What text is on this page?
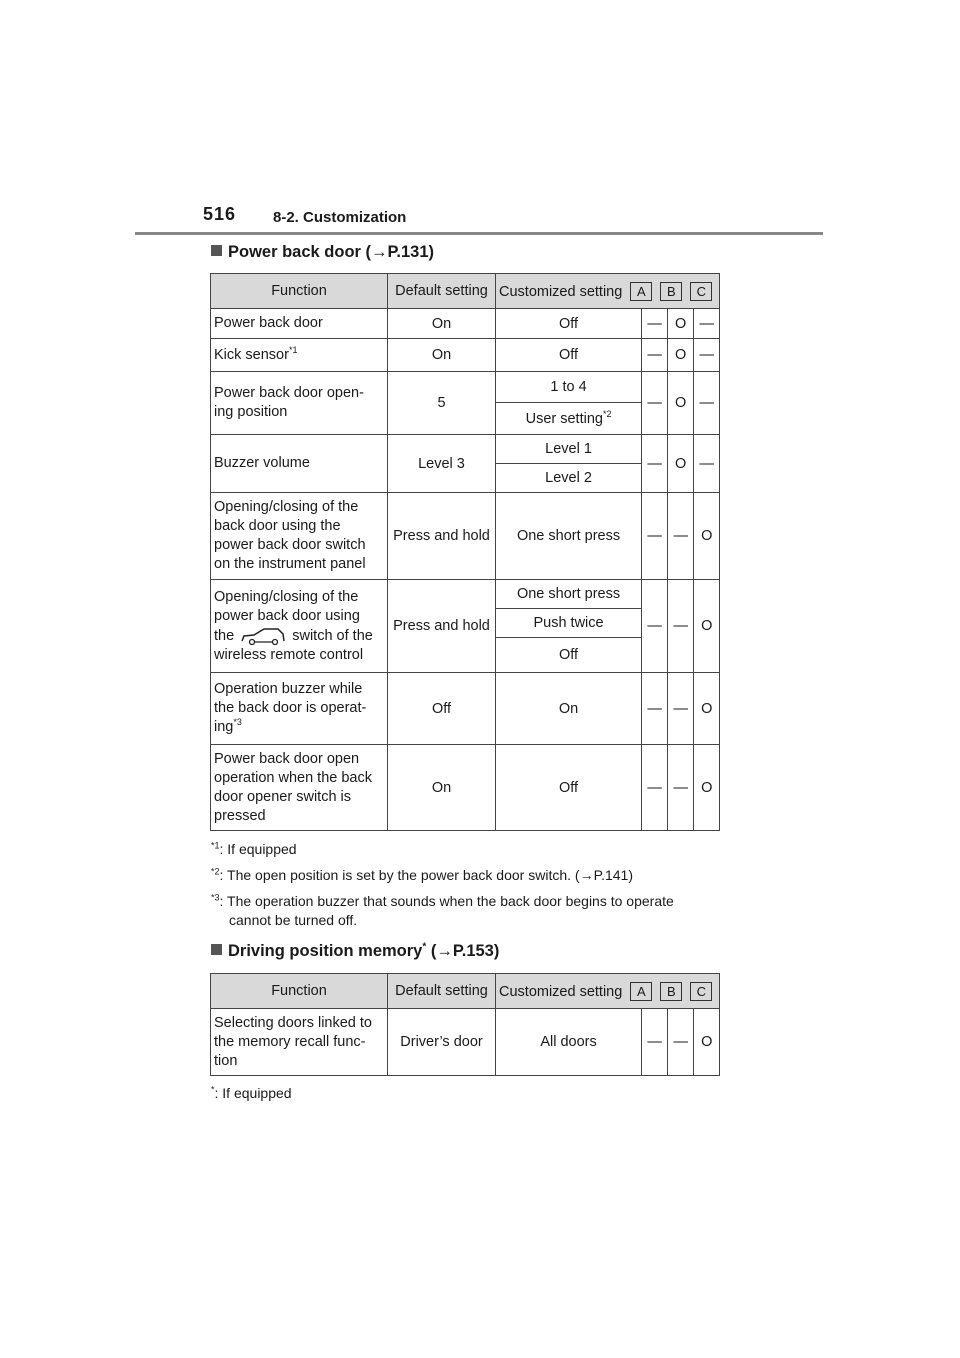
516 8-2. Customization
Power back door (→P.131)
Function	Default setting	Customized setting A B C			
Power back door	On	Off	—	O	—
Kick sensor$^{*1}$	On	Off	—	O	—
Power back door open-
ing position	5	1 to 4	—	O	—
		User setting$^{*2}$
Buzzer volume	Level 3	Level 1	—	O	—
		Level 2			
Opening/closing of the
back door using the
power back door switch
on the instrument panel	Press and hold	One short press	—	—	O
Opening/closing of the
power back door using
the switch of the
wireless remote control	Press and hold	One short press	—	—	O
		Push twice			
		Off			
Operation buzzer while
the back door is operat-
ing$^{*3}$	Off	On	—	—	O
Power back door open
operation when the back
door opener switch is
pressed	On	Off	—	—	O
$^{*1}$: If equipped
$^{*2}$: The open position is set by the power back door switch. (→P.141)
$^{*3}$: The operation buzzer that sounds when the back door begins to operate
cannot be turned off.
Driving position memory* (→P.153)
Function	Default setting	Customized setting A B C			
Selecting doors linked to
the memory recall func-
tion	Driver’s door	All doors	—	—	O
*: If equipped
